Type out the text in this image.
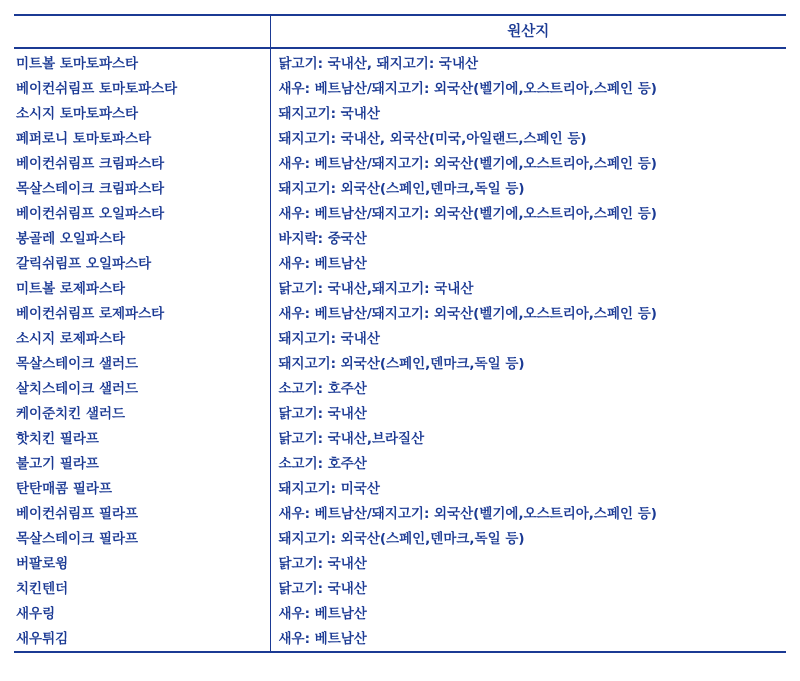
	원산지
미트볼 토마토파스타	닭고기: 국내산, 돼지고기: 국내산
베이컨쉬림프 토마토파스타	새우: 베트남산/돼지고기: 외국산(벨기에,오스트리아,스페인 등)
소시지 토마토파스타	돼지고기: 국내산
페퍼로니 토마토파스타	돼지고기: 국내산, 외국산(미국,아일랜드,스페인 등)
베이컨쉬림프 크림파스타	새우: 베트남산/돼지고기: 외국산(벨기에,오스트리아,스페인 등)
목살스테이크 크림파스타	돼지고기: 외국산(스페인,덴마크,독일 등)
베이컨쉬림프 오일파스타	새우: 베트남산/돼지고기: 외국산(벨기에,오스트리아,스페인 등)
봉골레 오일파스타	바지락: 중국산
갈릭쉬림프 오일파스타	새우: 베트남산
미트볼 로제파스타	닭고기: 국내산,돼지고기: 국내산
베이컨쉬림프 로제파스타	새우: 베트남산/돼지고기: 외국산(벨기에,오스트리아,스페인 등)
소시지 로제파스타	돼지고기: 국내산
목살스테이크 샐러드	돼지고기: 외국산(스페인,덴마크,독일 등)
살치스테이크 샐러드	소고기: 호주산
케이준치킨 샐러드	닭고기: 국내산
핫치킨 필라프	닭고기: 국내산,브라질산
불고기 필라프	소고기: 호주산
탄탄매콤 필라프	돼지고기: 미국산
베이컨쉬림프 필라프	새우: 베트남산/돼지고기: 외국산(벨기에,오스트리아,스페인 등)
목살스테이크 필라프	돼지고기: 외국산(스페인,덴마크,독일 등)
버팔로윙	닭고기: 국내산
치킨텐더	닭고기: 국내산
새우링	새우: 베트남산
새우튀김	새우: 베트남산
